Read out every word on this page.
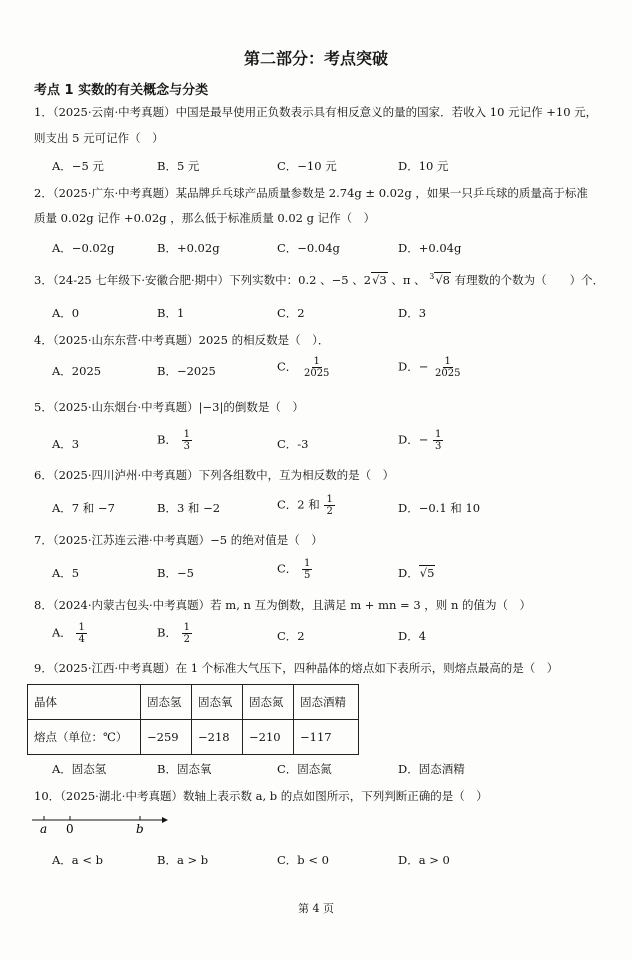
第二部分：考点突破
考点 1 实数的有关概念与分类
1．（2025·云南·中考真题）中国是最早使用正负数表示具有相反意义的量的国家．若收入 10 元记作 +10 元，
则支出 5 元可记作（　）
A．−5 元	B．5 元	C．−10 元	D．10 元
2．（2025·广东·中考真题）某品牌乒乓球产品质量参数是 2.74g ± 0.02g ，如果一只乒乓球的质量高于标准
质量 0.02g 记作 +0.02g ，那么低于标准质量 0.02 g 记作（　）
A．−0.02g	B．+0.02g	C．−0.04g	D．+0.04g
3．（24-25 七年级下·安徽合肥·期中）下列实数中：0.2 、−5 、2√3 、π 、 $^3$√8 有理数的个数为（　　）个．
A．0	B．1	C．2	D．3
4．（2025·山东东营·中考真题）2025 的相反数是（　）．
A．2025	B．−2025	C． $\frac{1}{2025}$	D．− $\frac{1}{2025}$
5．（2025·山东烟台·中考真题）|−3|的倒数是（　）
A．3	B． $\frac{1}{3}$	C．-3	D．− $\frac{1}{3}$
6．（2025·四川泸州·中考真题）下列各组数中，互为相反数的是（　）
A．7 和 −7	B．3 和 −2	C．2 和 $\frac{1}{2}$	D．−0.1 和 10
7．（2025·江苏连云港·中考真题）−5 的绝对值是（　）
A．5	B．−5	C． $\frac{1}{5}$	D．√5
8．（2024·内蒙古包头·中考真题）若 m, n 互为倒数，且满足 m + mn = 3 ，则 n 的值为（　）
A． $\frac{1}{4}$	B． $\frac{1}{2}$	C．2	D．4
9．（2025·江西·中考真题）在 1 个标准大气压下，四种晶体的熔点如下表所示，则熔点最高的是（　）
晶体	固态氢	固态氧	固态氮	固态酒精
熔点（单位：℃）	−259	−218	−210	−117
A．固态氢	B．固态氧	C．固态氮	D．固态酒精
10．（2025·湖北·中考真题）数轴上表示数 a, b 的点如图所示，下列判断正确的是（　）
a 0	b
A．a < b	B．a > b	C．b < 0	D．a > 0
第 4 页
